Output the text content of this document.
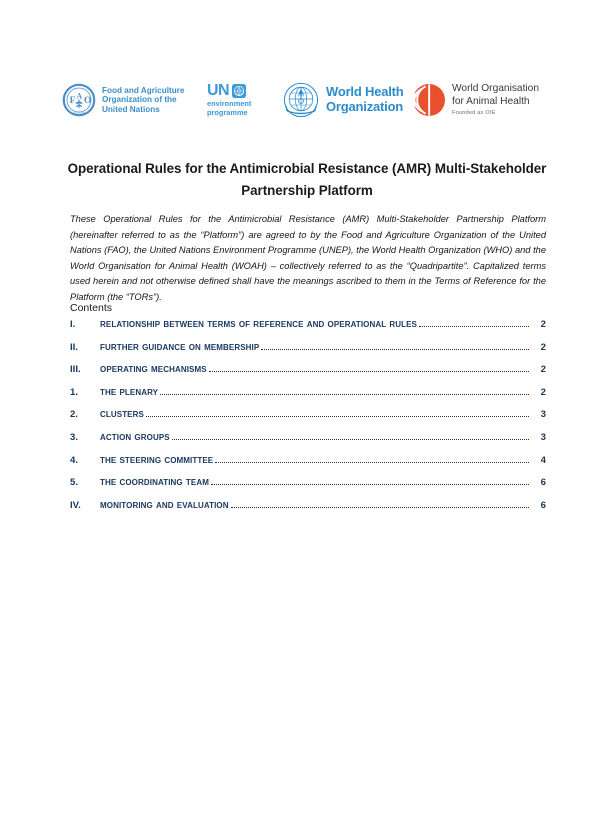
F
A
O
FIAT PANIS
Food and Agriculture
Organization of the
United Nations
UN
environment
programme
World Health
Organization
World Organisation
for Animal Health
Founded as OIE
Operational Rules for the Antimicrobial Resistance (AMR) Multi-Stakeholder Partnership Platform
These Operational Rules for the Antimicrobial Resistance (AMR) Multi-Stakeholder Partnership Platform (hereinafter referred to as the “Platform”) are agreed to by the Food and Agriculture Organization of the United Nations (FAO), the United Nations Environment Programme (UNEP), the World Health Organization (WHO) and the World Organisation for Animal Health (WOAH) – collectively referred to as the “Quadripartite”. Capitalized terms used herein and not otherwise defined shall have the meanings ascribed to them in the Terms of Reference for the Platform (the “TORs”).
Contents
I.	relationship between terms of reference and operational rules	2
II.	further guidance on membership	2
III.	operating mechanisms	2
1.	the plenary	2
2.	clusters	3
3.	action groups	3
4.	the steering committee	4
5.	the coordinating team	6
IV.	monitoring and evaluation	6
